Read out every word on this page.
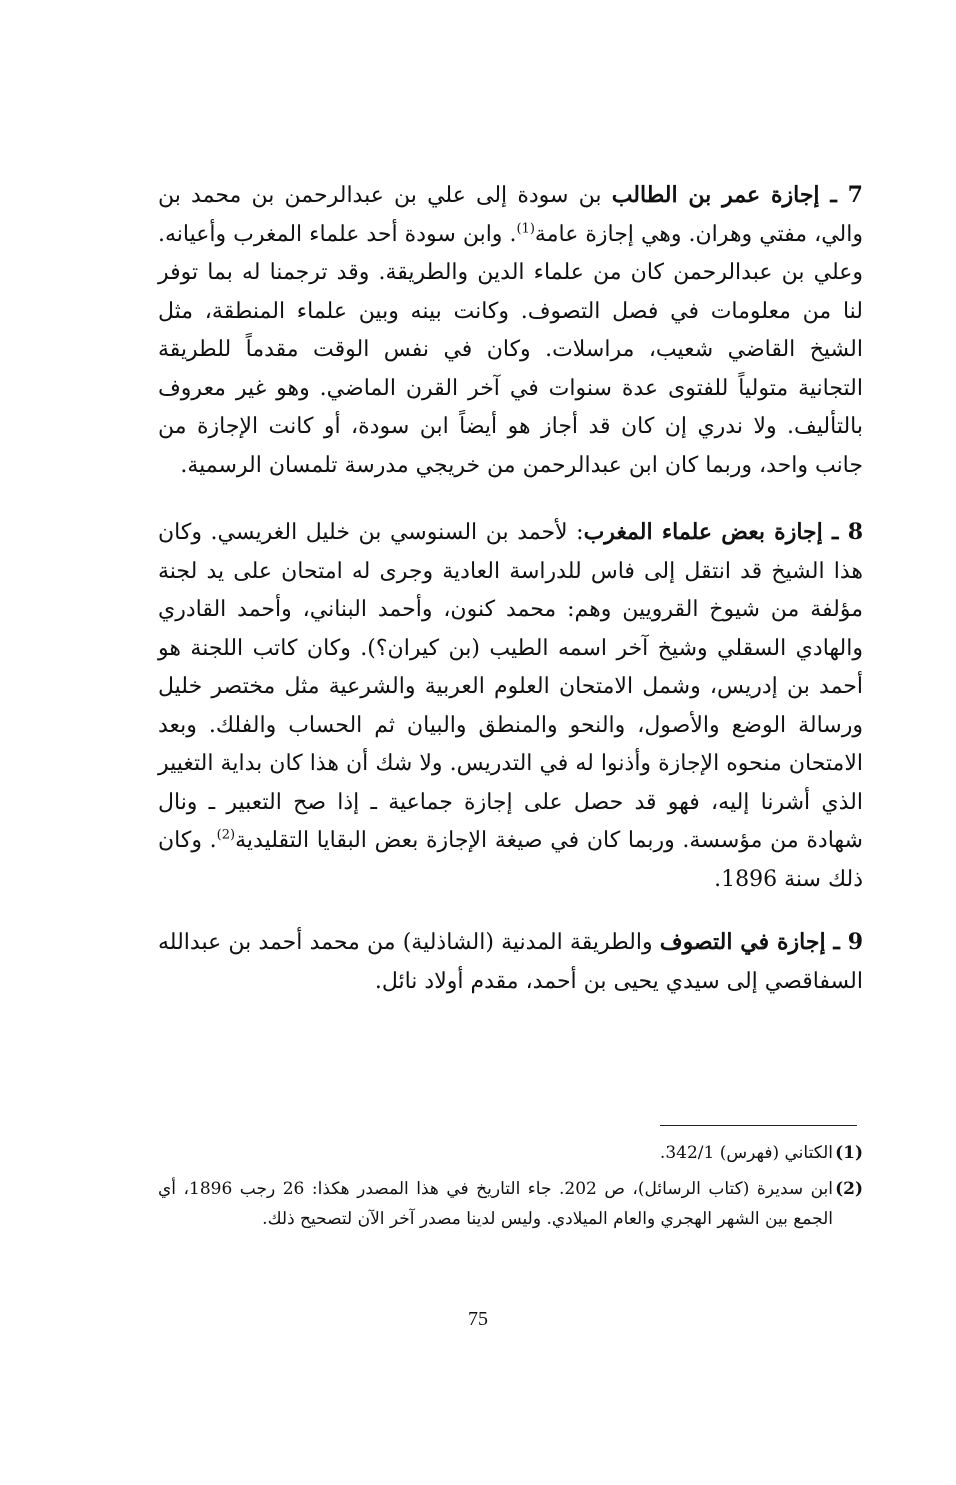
7 ـ إجازة عمر بن الطالب بن سودة إلى علي بن عبدالرحمن بن محمد بن والي، مفتي وهران. وهي إجازة عامة$^{(1)}$. وابن سودة أحد علماء المغرب وأعيانه. وعلي بن عبدالرحمن كان من علماء الدين والطريقة. وقد ترجمنا له بما توفر لنا من معلومات في فصل التصوف. وكانت بينه وبين علماء المنطقة، مثل الشيخ القاضي شعيب، مراسلات. وكان في نفس الوقت مقدماً للطريقة التجانية متولياً للفتوى عدة سنوات في آخر القرن الماضي. وهو غير معروف بالتأليف. ولا ندري إن كان قد أجاز هو أيضاً ابن سودة، أو كانت الإجازة من جانب واحد، وربما كان ابن عبدالرحمن من خريجي مدرسة تلمسان الرسمية.

8 ـ إجازة بعض علماء المغرب: لأحمد بن السنوسي بن خليل الغريسي. وكان هذا الشيخ قد انتقل إلى فاس للدراسة العادية وجرى له امتحان على يد لجنة مؤلفة من شيوخ القرويين وهم: محمد كنون، وأحمد البناني، وأحمد القادري والهادي السقلي وشيخ آخر اسمه الطيب (بن كيران؟). وكان كاتب اللجنة هو أحمد بن إدريس، وشمل الامتحان العلوم العربية والشرعية مثل مختصر خليل ورسالة الوضع والأصول، والنحو والمنطق والبيان ثم الحساب والفلك. وبعد الامتحان منحوه الإجازة وأذنوا له في التدريس. ولا شك أن هذا كان بداية التغيير الذي أشرنا إليه، فهو قد حصل على إجازة جماعية ـ إذا صح التعبير ـ ونال شهادة من مؤسسة. وربما كان في صيغة الإجازة بعض البقايا التقليدية$^{(2)}$. وكان ذلك سنة 1896.

9 ـ إجازة في التصوف والطريقة المدنية (الشاذلية) من محمد أحمد بن عبدالله السفاقصي إلى سيدي يحيى بن أحمد، مقدم أولاد نائل.

(1)
الكتاني (فهرس) 342/1.
(2)
ابن سديرة (كتاب الرسائل)، ص 202. جاء التاريخ في هذا المصدر هكذا: 26 رجب 1896، أي الجمع بين الشهر الهجري والعام الميلادي. وليس لدينا مصدر آخر الآن لتصحيح ذلك.
75
